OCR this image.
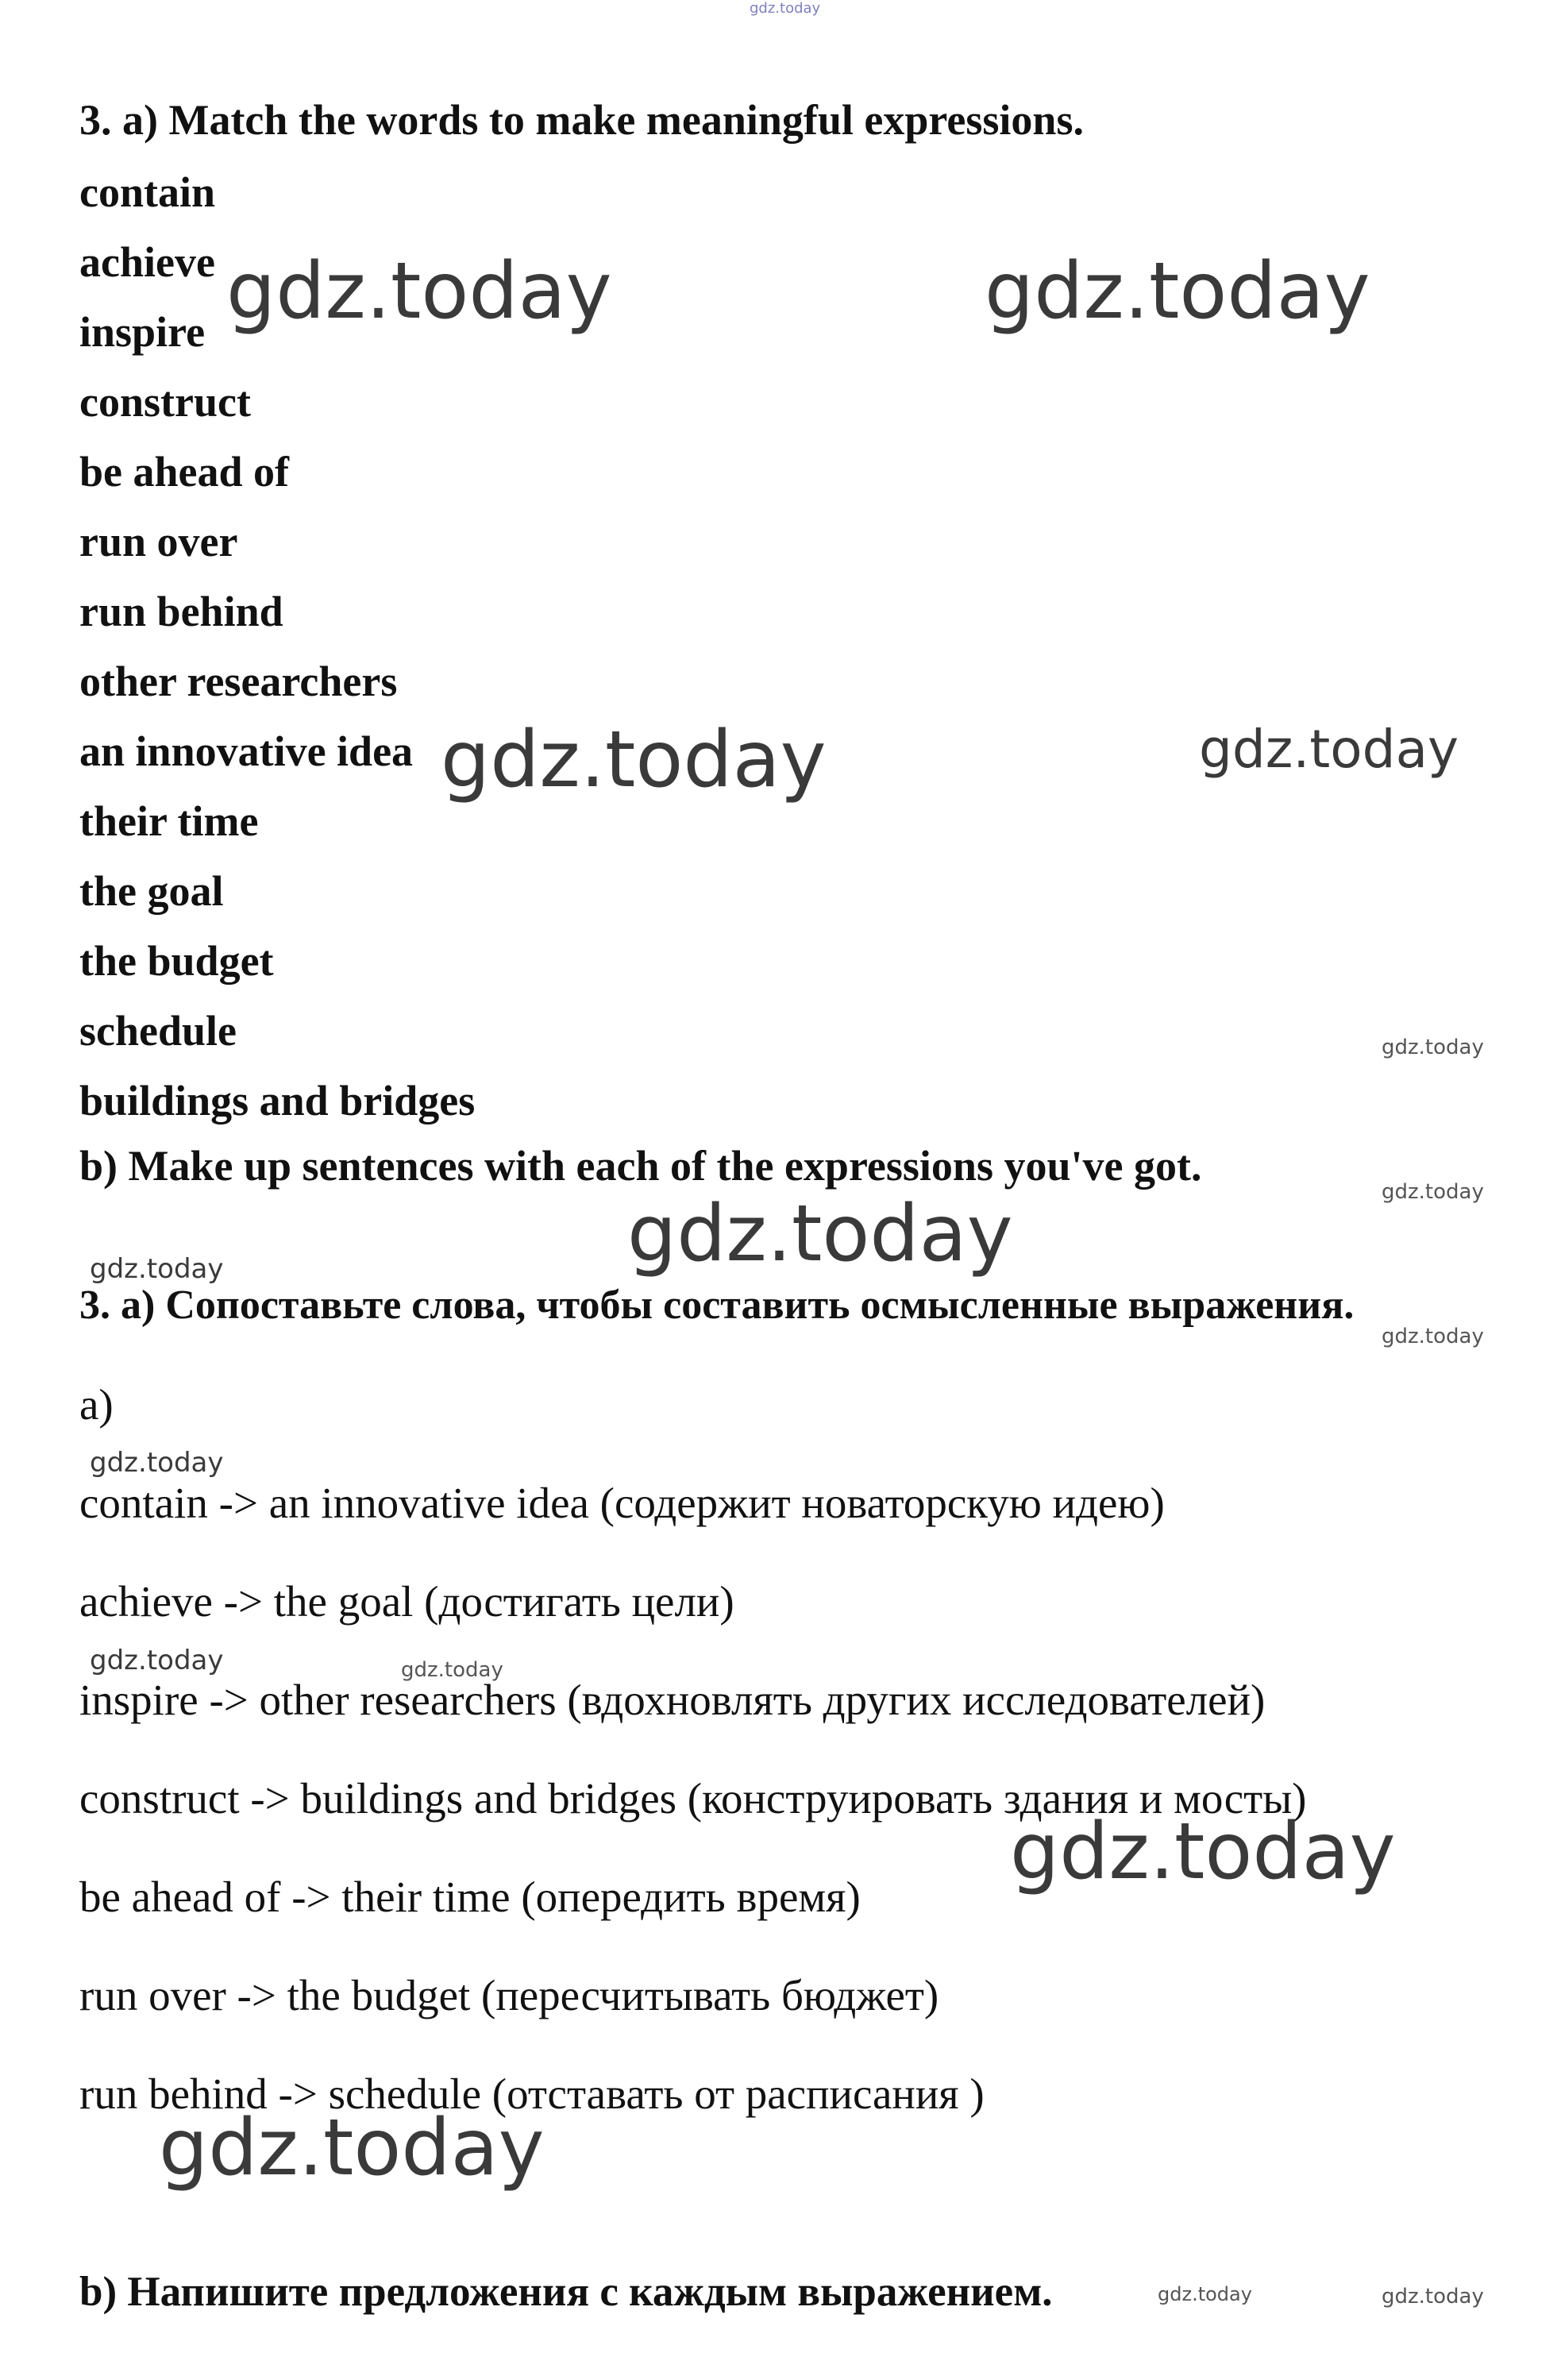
gdz.today
3. a) Match the words to make meaningful expressions.
contain
achieve
inspire
construct
be ahead of
run over
run behind
other researchers
an innovative idea
their time
the goal
the budget
schedule
buildings and bridges
b) Make up sentences with each of the expressions you've got.
3. a) Сопоставьте слова, чтобы составить осмысленные выражения.
a)
contain -> an innovative idea (содержит новаторскую идею)
achieve -> the goal (достигать цели)
inspire -> other researchers (вдохновлять других исследователей)
construct -> buildings and bridges (конструировать здания и мосты)
be ahead of -> their time (опередить время)
run over -> the budget (пересчитывать бюджет)
run behind -> schedule (отставать от расписания )
b) Напишите предложения с каждым выражением.
gdz.today	gdz.today
gdz.today	gdz.today
gdz.today
gdz.today
gdz.today
gdz.today
gdz.today
gdz.today
gdz.today	gdz.today
gdz.today
gdz.today
gdz.today	gdz.today
